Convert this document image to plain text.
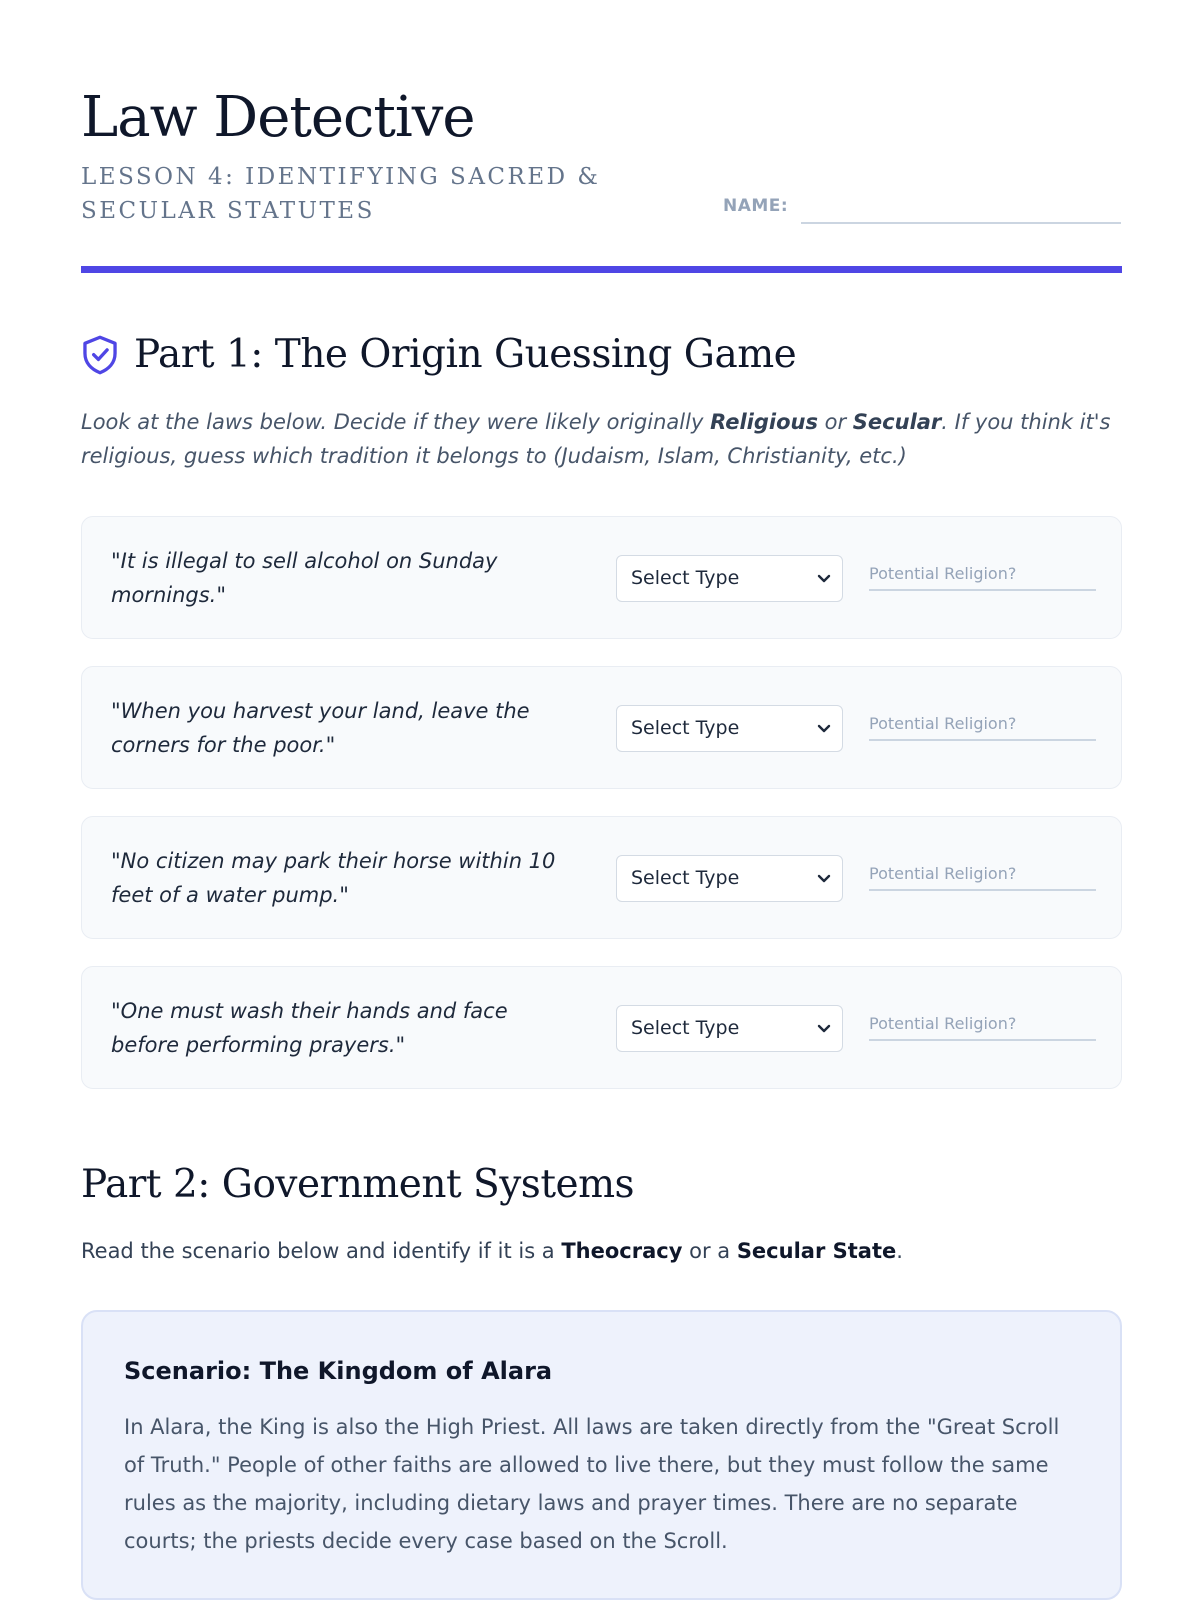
Law Detective
LESSON 4: IDENTIFYING SACRED & SECULAR STATUTES	NAME:
Part 1: The Origin Guessing Game
Look at the laws below. Decide if they were likely originally Religious or Secular. If you think it's religious, guess which tradition it belongs to (Judaism, Islam, Christianity, etc.)
"It is illegal to sell alcohol on Sunday mornings."
Select Type
Potential Religion?
"When you harvest your land, leave the corners for the poor."
Select Type
Potential Religion?
"No citizen may park their horse within 10 feet of a water pump."
Select Type
Potential Religion?
"One must wash their hands and face before performing prayers."
Select Type
Potential Religion?
Part 2: Government Systems
Read the scenario below and identify if it is a Theocracy or a Secular State.
Scenario: The Kingdom of Alara
In Alara, the King is also the High Priest. All laws are taken directly from the "Great Scroll of Truth." People of other faiths are allowed to live there, but they must follow the same rules as the majority, including dietary laws and prayer times. There are no separate courts; the priests decide every case based on the Scroll.
